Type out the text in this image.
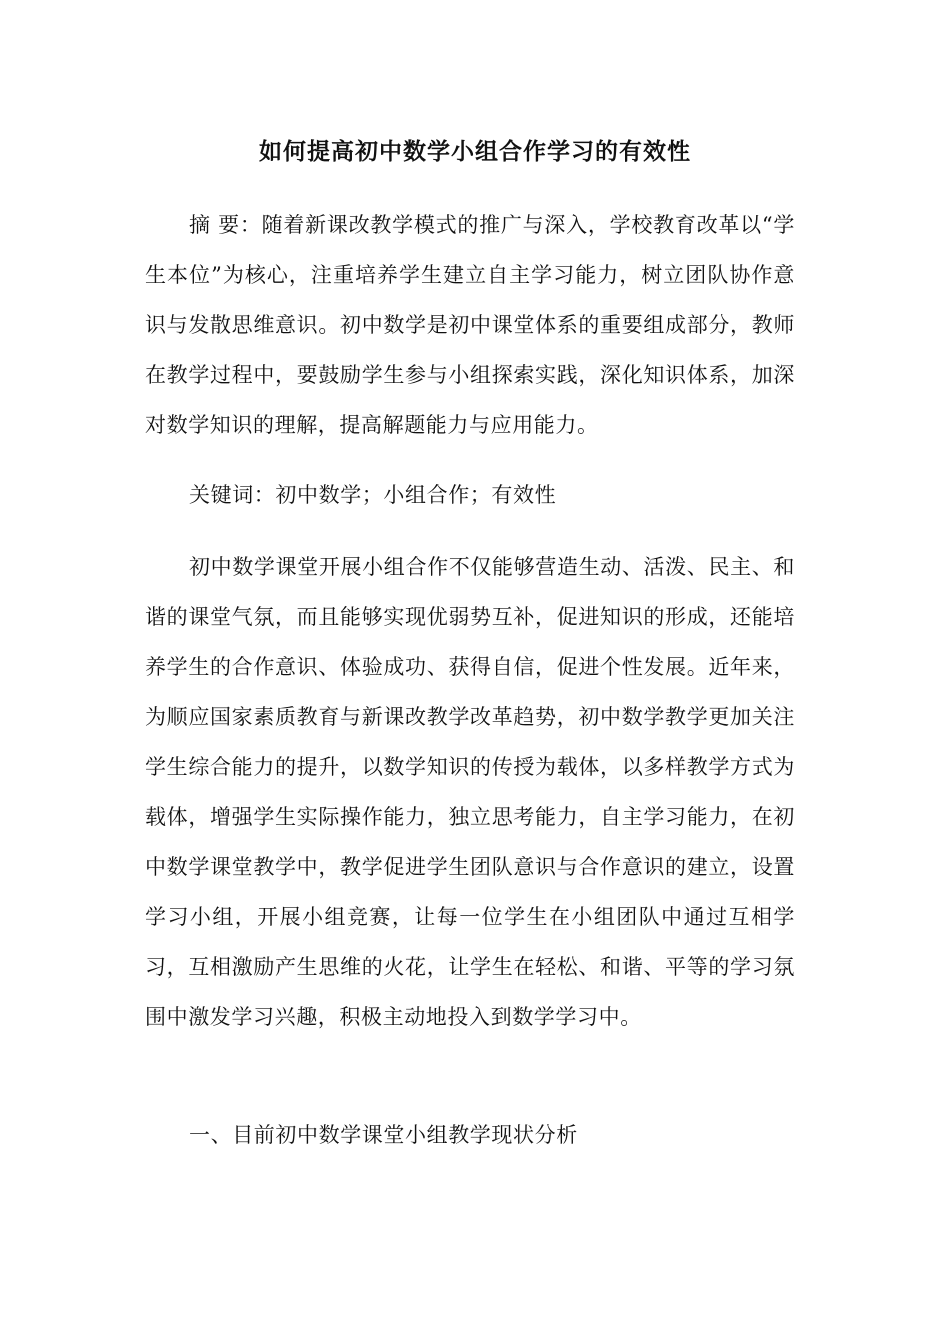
如何提高初中数学小组合作学习的有效性

摘 要：随着新课改教学模式的推广与深入，学校教育改革以“学生本位”为核心，注重培养学生建立自主学习能力，树立团队协作意识与发散思维意识。初中数学是初中课堂体系的重要组成部分，教师在教学过程中，要鼓励学生参与小组探索实践，深化知识体系，加深对数学知识的理解，提高解题能力与应用能力。

关键词：初中数学；小组合作；有效性

初中数学课堂开展小组合作不仅能够营造生动、活泼、民主、和谐的课堂气氛，而且能够实现优弱势互补，促进知识的形成，还能培养学生的合作意识、体验成功、获得自信，促进个性发展。近年来，为顺应国家素质教育与新课改教学改革趋势，初中数学教学更加关注学生综合能力的提升，以数学知识的传授为载体，以多样教学方式为载体，增强学生实际操作能力，独立思考能力，自主学习能力，在初中数学课堂教学中，教学促进学生团队意识与合作意识的建立，设置学习小组，开展小组竞赛，让每一位学生在小组团队中通过互相学习，互相激励产生思维的火花，让学生在轻松、和谐、平等的学习氛围中激发学习兴趣，积极主动地投入到数学学习中。

一、目前初中数学课堂小组教学现状分析
